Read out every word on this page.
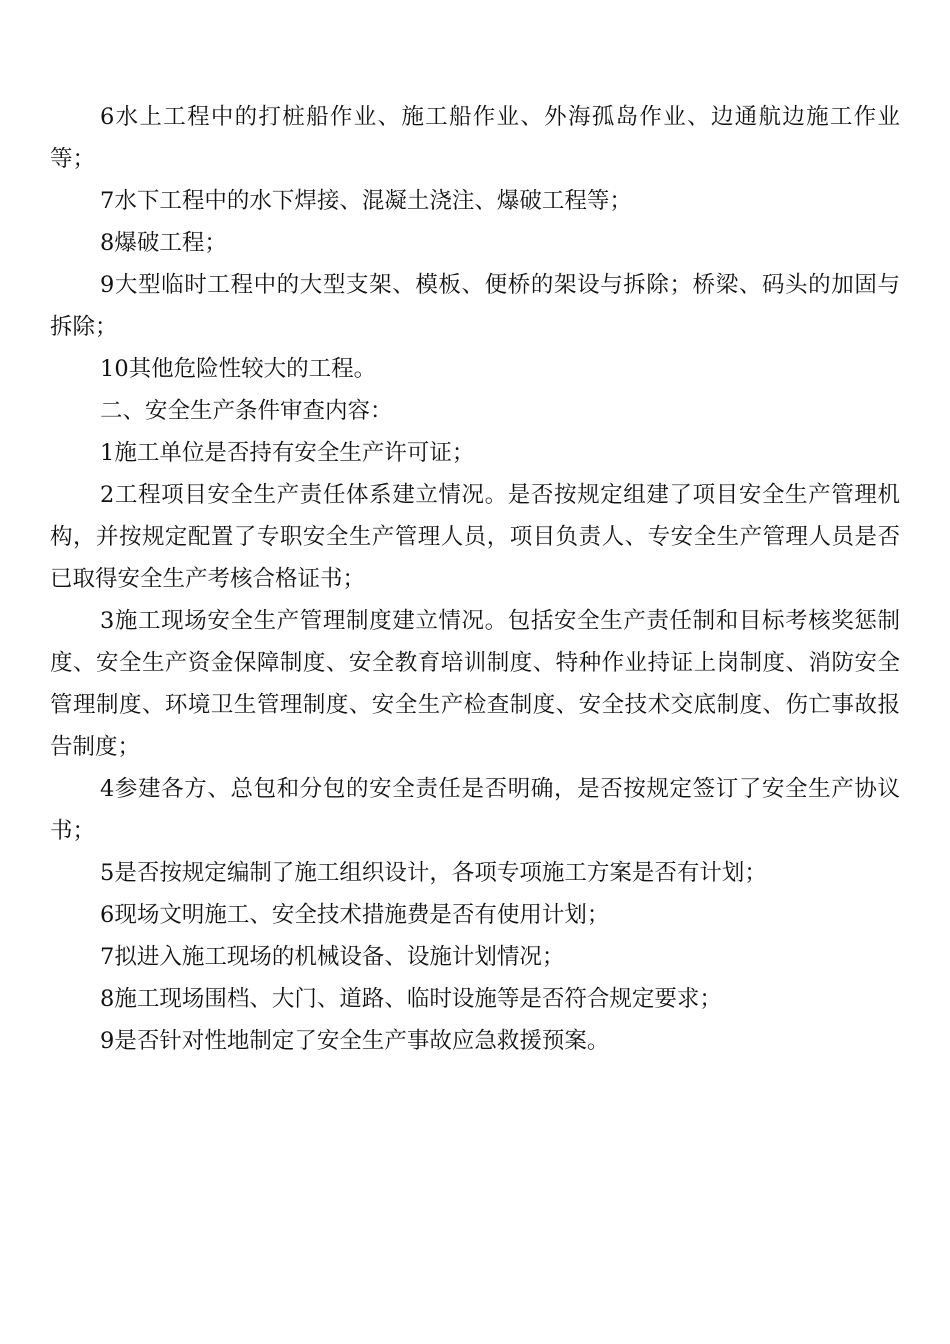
6水上工程中的打桩船作业、施工船作业、外海孤岛作业、边通航边施工作业等；

7水下工程中的水下焊接、混凝土浇注、爆破工程等；

8爆破工程；

9大型临时工程中的大型支架、模板、便桥的架设与拆除；桥梁、码头的加固与拆除；

10其他危险性较大的工程。

二、安全生产条件审查内容：

1施工单位是否持有安全生产许可证；

2工程项目安全生产责任体系建立情况。是否按规定组建了项目安全生产管理机构，并按规定配置了专职安全生产管理人员，项目负责人、专安全生产管理人员是否已取得安全生产考核合格证书；

3施工现场安全生产管理制度建立情况。包括安全生产责任制和目标考核奖惩制度、安全生产资金保障制度、安全教育培训制度、特种作业持证上岗制度、消防安全管理制度、环境卫生管理制度、安全生产检查制度、安全技术交底制度、伤亡事故报告制度；

4参建各方、总包和分包的安全责任是否明确，是否按规定签订了安全生产协议书；

5是否按规定编制了施工组织设计，各项专项施工方案是否有计划；

6现场文明施工、安全技术措施费是否有使用计划；

7拟进入施工现场的机械设备、设施计划情况；

8施工现场围档、大门、道路、临时设施等是否符合规定要求；

9是否针对性地制定了安全生产事故应急救援预案。
